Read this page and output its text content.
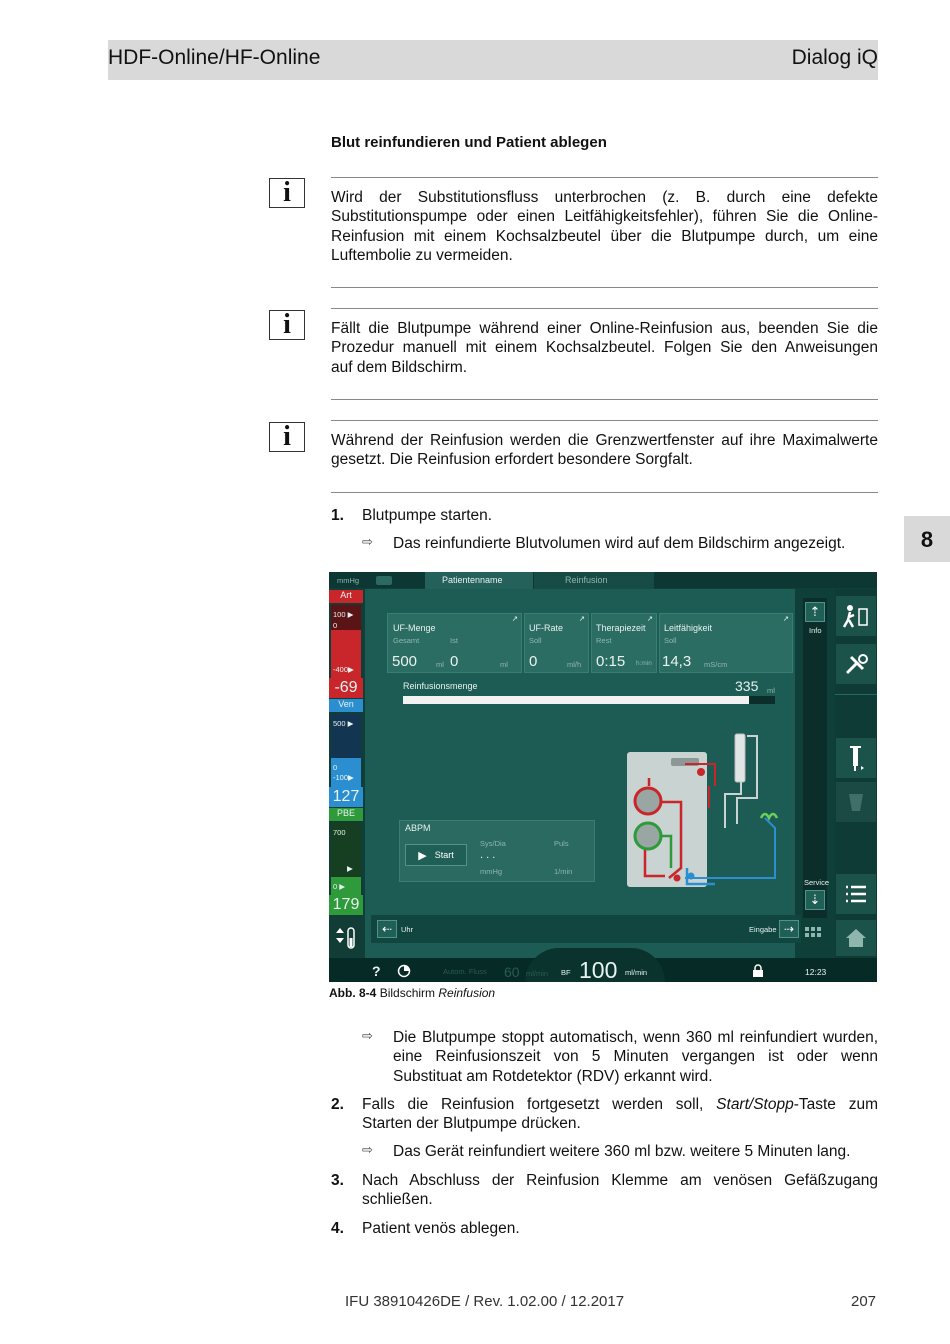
HDF-Online/HF-Online	Dialog iQ
8
Blut reinfundieren und Patient ablegen
i	Wird der Substitutionsfluss unterbrochen (z. B. durch eine defekte

Substitutionspumpe oder einen Leitfähigkeitsfehler), führen Sie die Online-

Reinfusion mit einem Kochsalzbeutel über die Blutpumpe durch, um eine

Luftembolie zu vermeiden.

i	Fällt die Blutpumpe während einer Online-Reinfusion aus, beenden Sie die

Prozedur manuell mit einem Kochsalzbeutel. Folgen Sie den Anweisungen

auf dem Bildschirm.

i	Während der Reinfusion werden die Grenzwertfenster auf ihre Maximalwerte

gesetzt. Die Reinfusion erfordert besondere Sorgfalt.

1. Blutpumpe starten.
⇨ Das reinfundierte Blutvolumen wird auf dem Bildschirm angezeigt.
mmHg	Patientenname	Reinfusion
Art
100 ▶
0
-400▶
-69
Ven
500 ▶
0
-100▶
127
PBE
700
▶
0 ▶
179
UF-Menge
Gesamt	Ist
500	ml 0	ml
↗
UF-Rate
Soll
0	ml/h
↗
Therapiezeit
Rest
0:15 h:min
↗
Leitfähigkeit
Soll
14,3 mS/cm
↗
Reinfusionsmenge	335 ml
ABPM
▶ Start
Sys/Dia	Puls
. . .
mmHg	1/min
⇡
Info
Service
⇣
⇠	Uhr	Eingabe ⇢
?	Autom. Fluss 60 ml/min BF 100 ml/min	12:23
Abb. 8-4 Bildschirm Reinfusion
⇨ Die Blutpumpe stoppt automatisch, wenn 360 ml reinfundiert wurden,
eine Reinfusionszeit von 5 Minuten vergangen ist oder wenn
Substituat am Rotdetektor (RDV) erkannt wird.
2. Falls die Reinfusion fortgesetzt werden soll, Start/Stopp-Taste zum
Starten der Blutpumpe drücken.
⇨ Das Gerät reinfundiert weitere 360 ml bzw. weitere 5 Minuten lang.
3. Nach Abschluss der Reinfusion Klemme am venösen Gefäßzugang
schließen.
4. Patient venös ablegen.
IFU 38910426DE / Rev. 1.02.00 / 12.2017	207
